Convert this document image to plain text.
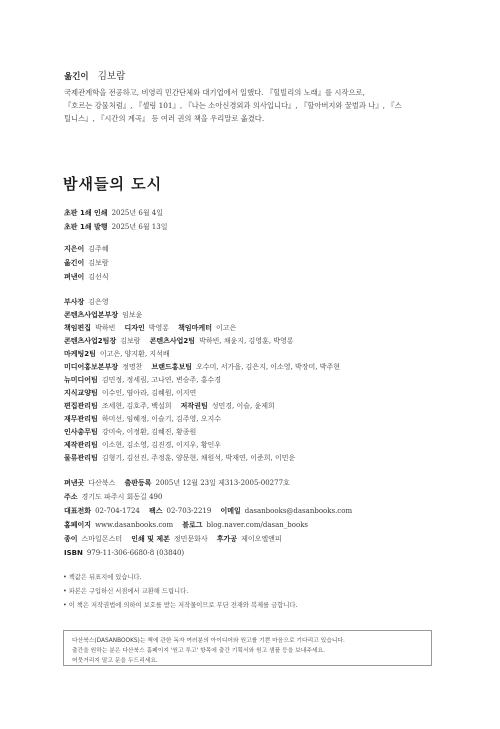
옮긴이 김보람
국제관계학을 전공하고, 비영리 민간단체와 대기업에서 일했다. 『힐빌리의 노래』를 시작으로,
『호르는 강물처럼』, 『셀링 101』, 『나는 소아신경외과 의사입니다』, 『할아버지와 꿀벌과 나』, 『스
틸니스』, 『시간의 계곡』 등 여러 권의 책을 우리말로 옮겼다.
밤새들의 도시
초판 1쇄 인쇄 2025년 6월 4일
초판 1쇄 발행 2025년 6월 13일
지은이 김주혜
옮긴이 김보람
펴낸이 김선식
부사장 김은영
콘텐츠사업본부장 임보윤
책임편집 박하빈 디자인 박영롱 책임마케터 이고은
콘텐츠사업2팀장 김보람 콘텐츠사업2팀 박하빈, 채윤지, 김영훈, 박영롱
마케팅2팀 이고은, 양지환, 지석배
미디어홍보본부장 정명찬 브랜드홍보팀 오수미, 서가을, 김은지, 이소영, 박장미, 박주현
뉴미디어팀 김민정, 정세림, 고나연, 변승주, 홍수경
지식교양팀 이수인, 염아라, 김혜원, 이지연
편집관리팀 조세현, 김호주, 백설희 저작권팀 성민경, 이슬, 윤제희
재무관리팀 하미선, 임혜정, 이슬기, 김주영, 오지수
인사총무팀 강미숙, 이정환, 김혜진, 황종원
제작관리팀 이소현, 김소영, 김진경, 이지우, 황인우
물류관리팀 김형기, 김선진, 주정훈, 양문현, 채원석, 박재연, 이준희, 이민운
펴낸곳 다산북스 출판등록 2005년 12월 23일 제313-2005-00277호
주소 경기도 파주시 회동길 490
대표전화 02-704-1724 팩스 02-703-2219 이메일 dasanbooks@dasanbooks.com
홈페이지 www.dasanbooks.com 블로그 blog.naver.com/dasan_books
종이 스마일몬스터 인쇄 및 제본 정민문화사 후가공 제이오엘앤피
ISBN 979-11-306-6680-8 (03840)
• 책값은 뒤표지에 있습니다.
• 파본은 구입하신 서점에서 교환해 드립니다.
• 이 책은 저작권법에 의하여 보호를 받는 저작물이므로 무단 전재와 복제를 금합니다.
다산북스(DASANBOOKS)는 책에 관한 독자 여러분의 아이디어와 원고를 기쁜 마음으로 기다리고 있습니다.
출간을 원하는 분은 다산북스 홈페이지 '원고 투고' 항목에 출간 기획서와 원고 샘플 등을 보내주세요.
머뭇거리지 말고 문을 두드리세요.
